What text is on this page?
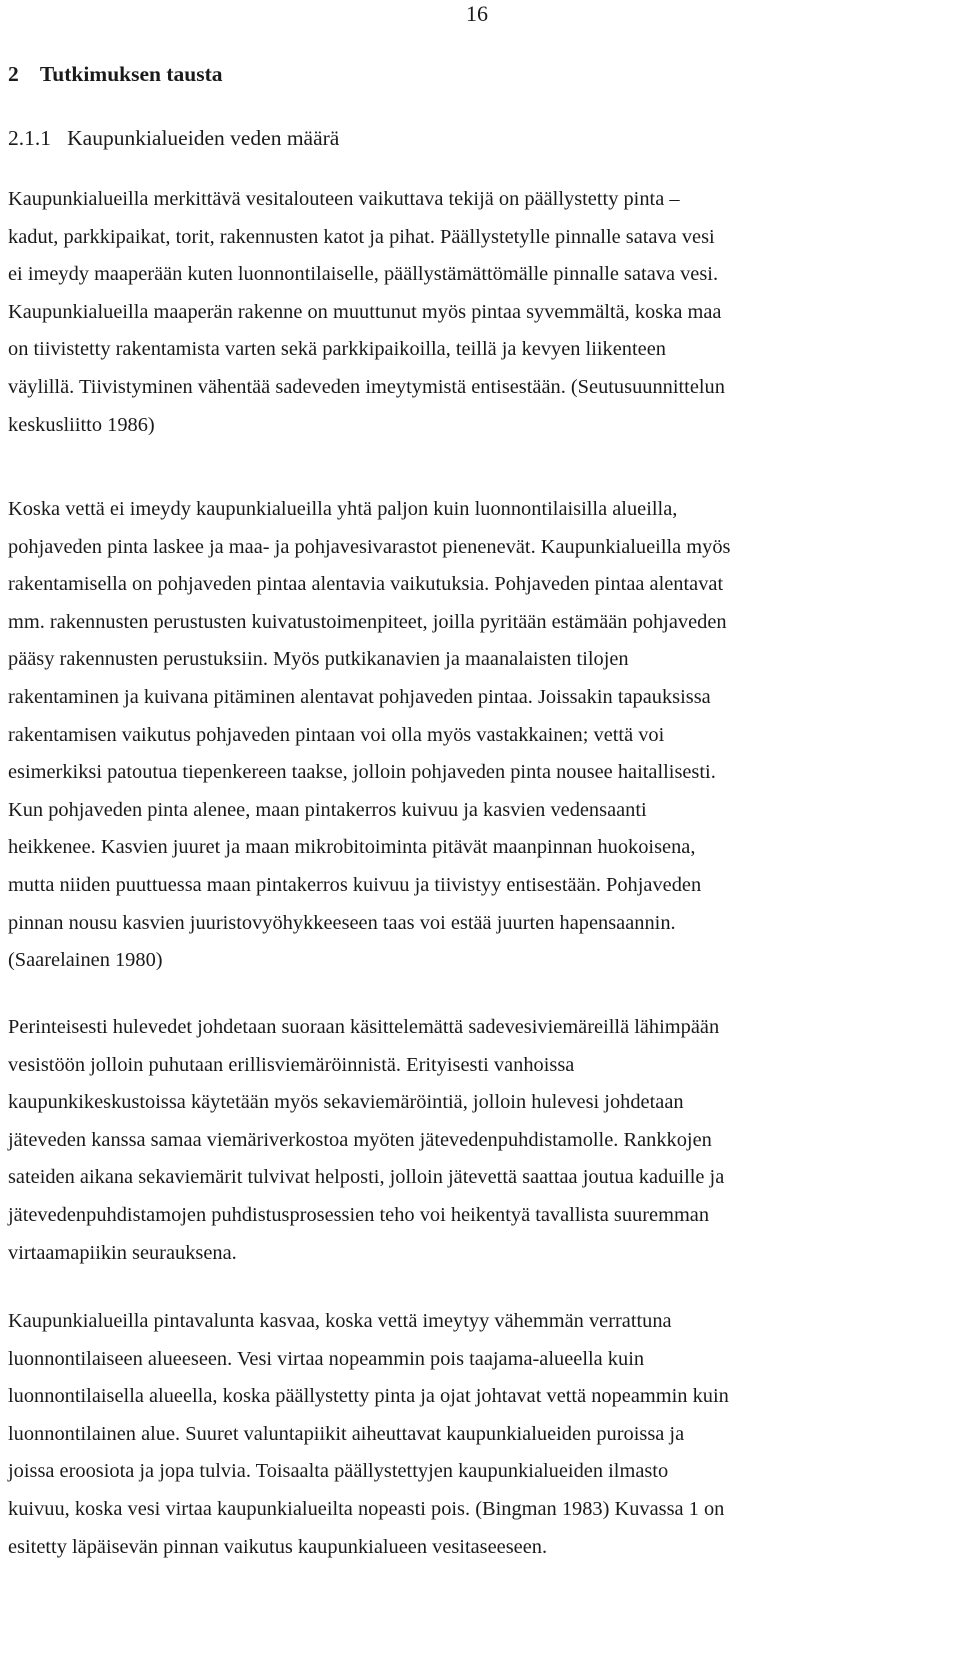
16
2 Tutkimuksen tausta
2.1.1 Kaupunkialueiden veden määrä
Kaupunkialueilla merkittävä vesitalouteen vaikuttava tekijä on päällystetty pinta –
kadut, parkkipaikat, torit, rakennusten katot ja pihat. Päällystetylle pinnalle satava vesi
ei imeydy maaperään kuten luonnontilaiselle, päällystämättömälle pinnalle satava vesi.
Kaupunkialueilla maaperän rakenne on muuttunut myös pintaa syvemmältä, koska maa
on tiivistetty rakentamista varten sekä parkkipaikoilla, teillä ja kevyen liikenteen
väylillä. Tiivistyminen vähentää sadeveden imeytymistä entisestään. (Seutusuunnittelun
keskusliitto 1986)
Koska vettä ei imeydy kaupunkialueilla yhtä paljon kuin luonnontilaisilla alueilla,
pohjaveden pinta laskee ja maa- ja pohjavesivarastot pienenevät. Kaupunkialueilla myös
rakentamisella on pohjaveden pintaa alentavia vaikutuksia. Pohjaveden pintaa alentavat
mm. rakennusten perustusten kuivatustoimenpiteet, joilla pyritään estämään pohjaveden
pääsy rakennusten perustuksiin. Myös putkikanavien ja maanalaisten tilojen
rakentaminen ja kuivana pitäminen alentavat pohjaveden pintaa. Joissakin tapauksissa
rakentamisen vaikutus pohjaveden pintaan voi olla myös vastakkainen; vettä voi
esimerkiksi patoutua tiepenkereen taakse, jolloin pohjaveden pinta nousee haitallisesti.
Kun pohjaveden pinta alenee, maan pintakerros kuivuu ja kasvien vedensaanti
heikkenee. Kasvien juuret ja maan mikrobitoiminta pitävät maanpinnan huokoisena,
mutta niiden puuttuessa maan pintakerros kuivuu ja tiivistyy entisestään. Pohjaveden
pinnan nousu kasvien juuristovyöhykkeeseen taas voi estää juurten hapensaannin.
(Saarelainen 1980)
Perinteisesti hulevedet johdetaan suoraan käsittelemättä sadevesiviemäreillä lähimpään
vesistöön jolloin puhutaan erillisviemäröinnistä. Erityisesti vanhoissa
kaupunkikeskustoissa käytetään myös sekaviemäröintiä, jolloin hulevesi johdetaan
jäteveden kanssa samaa viemäriverkostoa myöten jätevedenpuhdistamolle. Rankkojen
sateiden aikana sekaviemärit tulvivat helposti, jolloin jätevettä saattaa joutua kaduille ja
jätevedenpuhdistamojen puhdistusprosessien teho voi heikentyä tavallista suuremman
virtaamapiikin seurauksena.
Kaupunkialueilla pintavalunta kasvaa, koska vettä imeytyy vähemmän verrattuna
luonnontilaiseen alueeseen. Vesi virtaa nopeammin pois taajama-alueella kuin
luonnontilaisella alueella, koska päällystetty pinta ja ojat johtavat vettä nopeammin kuin
luonnontilainen alue. Suuret valuntapiikit aiheuttavat kaupunkialueiden puroissa ja
joissa eroosiota ja jopa tulvia. Toisaalta päällystettyjen kaupunkialueiden ilmasto
kuivuu, koska vesi virtaa kaupunkialueilta nopeasti pois. (Bingman 1983) Kuvassa 1 on
esitetty läpäisevän pinnan vaikutus kaupunkialueen vesitaseeseen.
